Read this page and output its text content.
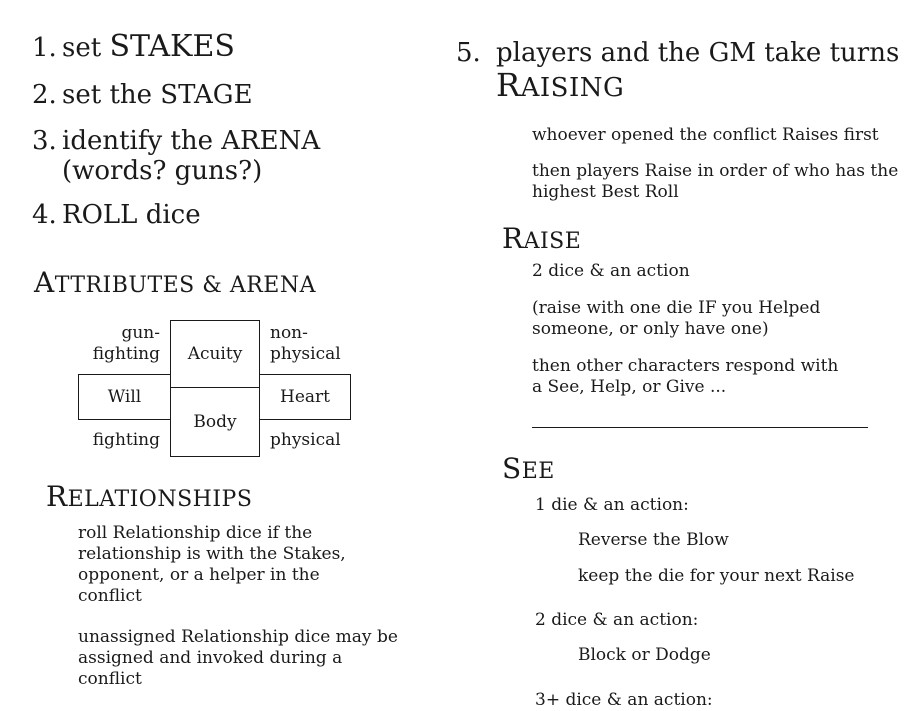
1. set STAKES
2. set the STAGE
3. identify the ARENA
(words? guns?)
4. ROLL dice
ATTRIBUTES & ARENA
gun-
fighting
non-
physical
Acuity
Will	Heart
Body
fighting	physical
RELATIONSHIPS
roll Relationship dice if the relationship is with the Stakes, opponent, or a helper in the conflict
unassigned Relationship dice may be assigned and invoked during a conflict
5. players and the GM take turns
RAISING
whoever opened the conflict Raises first
then players Raise in order of who has the highest Best Roll
RAISE
2 dice & an action
(raise with one die IF you Helped someone, or only have one)
then other characters respond with a See, Help, or Give ...
SEE
1 die & an action:
Reverse the Blow
keep the die for your next Raise
2 dice & an action:
Block or Dodge
3+ dice & an action:
